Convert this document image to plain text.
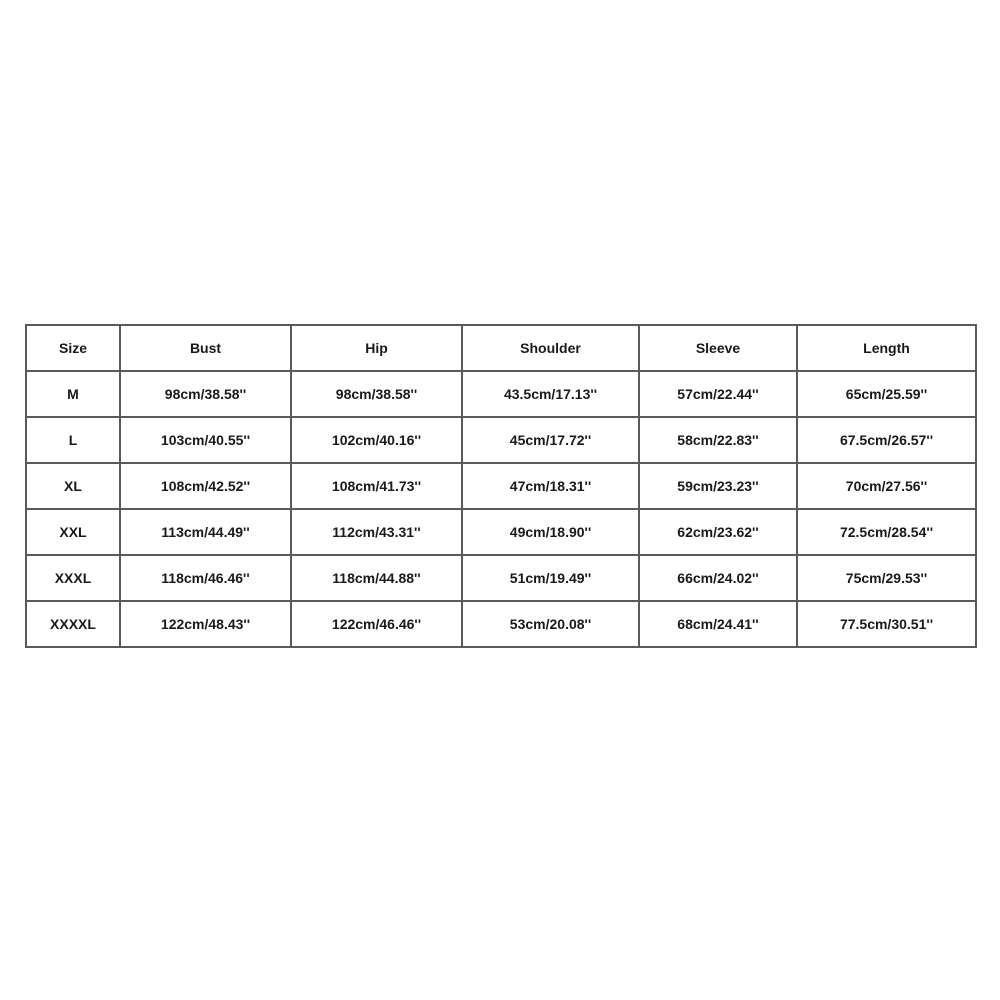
Size	Bust	Hip	Shoulder	Sleeve	Length
M	98cm/38.58''	98cm/38.58''	43.5cm/17.13''	57cm/22.44''	65cm/25.59''
L	103cm/40.55''	102cm/40.16''	45cm/17.72''	58cm/22.83''	67.5cm/26.57''
XL	108cm/42.52''	108cm/41.73''	47cm/18.31''	59cm/23.23''	70cm/27.56''
XXL	113cm/44.49''	112cm/43.31''	49cm/18.90''	62cm/23.62''	72.5cm/28.54''
XXXL	118cm/46.46''	118cm/44.88''	51cm/19.49''	66cm/24.02''	75cm/29.53''
XXXXL	122cm/48.43''	122cm/46.46''	53cm/20.08''	68cm/24.41''	77.5cm/30.51''
